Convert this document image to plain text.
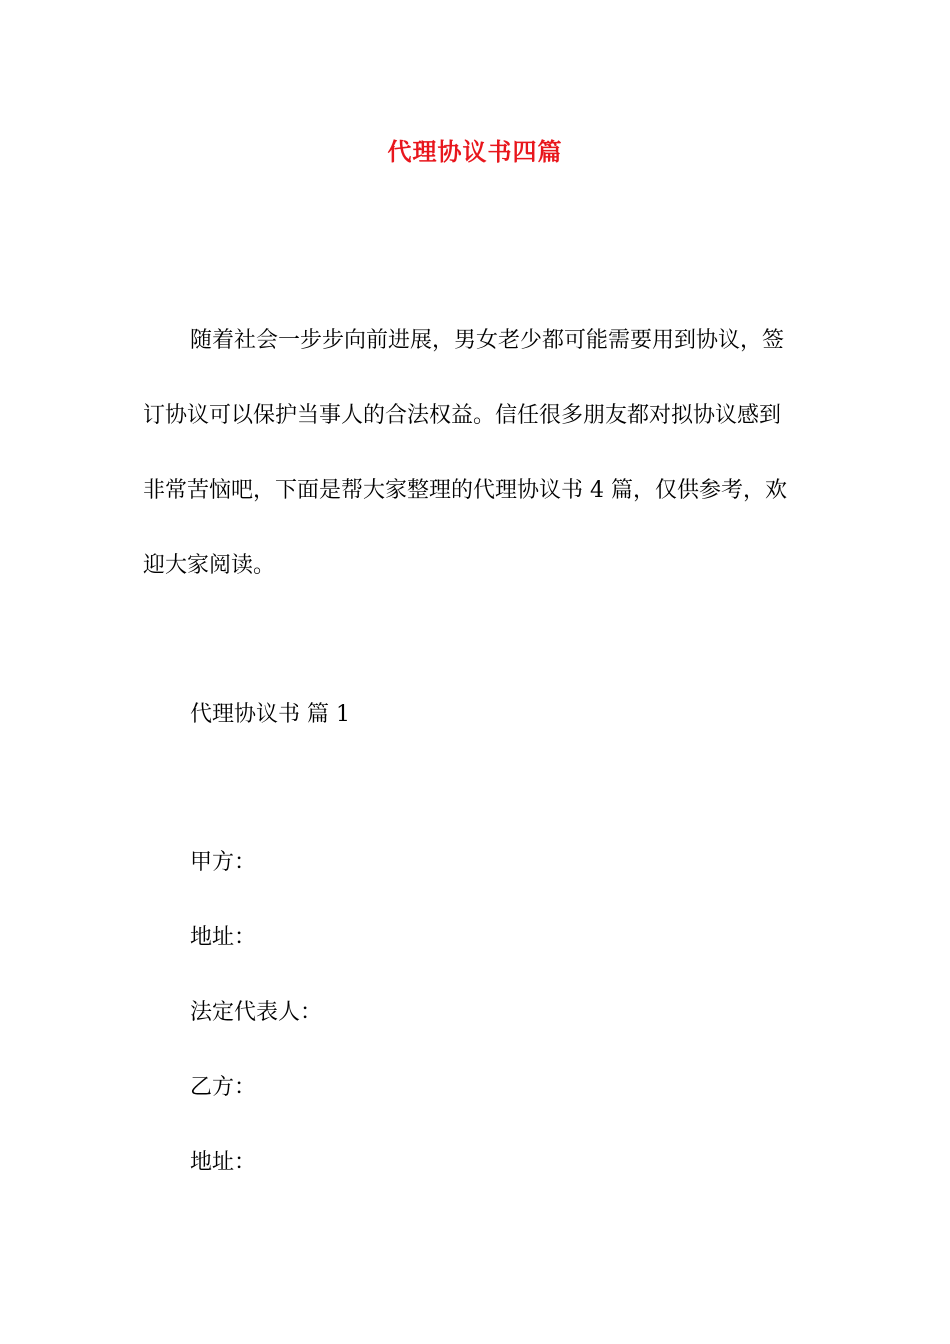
代理协议书四篇
随着社会一步步向前进展，男女老少都可能需要用到协议，签
订协议可以保护当事人的合法权益。信任很多朋友都对拟协议感到
非常苦恼吧，下面是帮大家整理的代理协议书 4 篇，仅供参考，欢
迎大家阅读。
代理协议书 篇 1
甲方：
地址：
法定代表人：
乙方：
地址：
